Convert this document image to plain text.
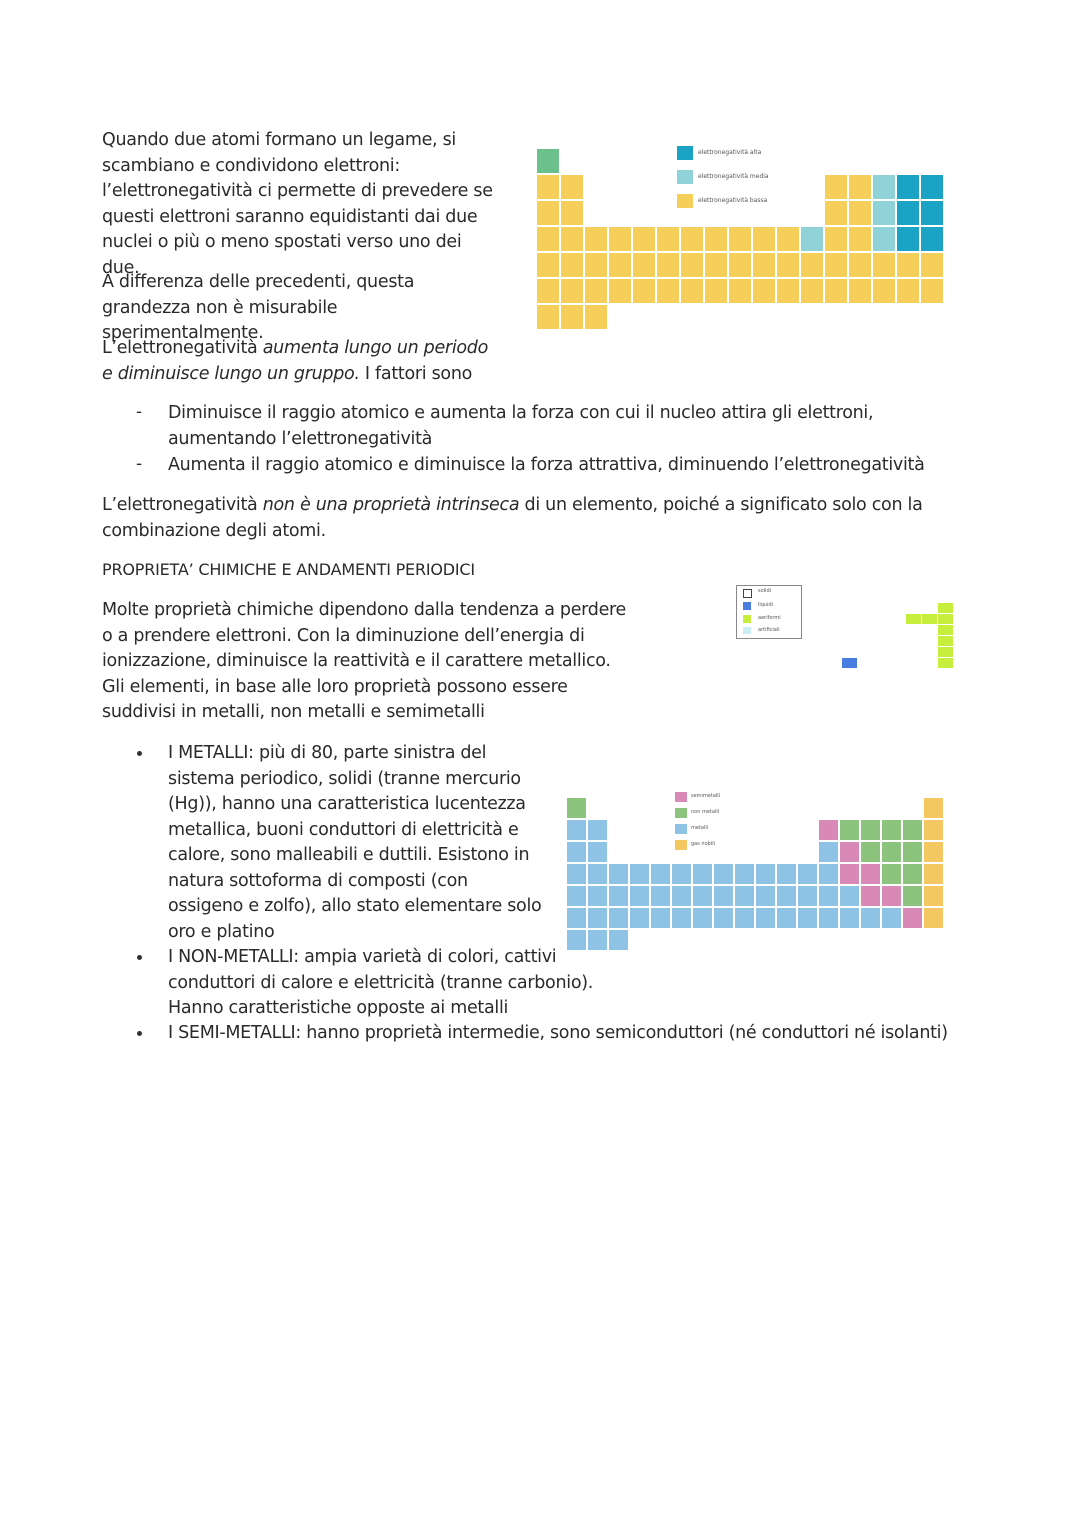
Quando due atomi formano un legame, si scambiano e condividono elettroni: l’elettronegatività ci permette di prevedere se questi elettroni saranno equidistanti dai due nuclei o più o meno spostati verso uno dei due.
A differenza delle precedenti, questa grandezza non è misurabile sperimentalmente.
L’elettronegatività aumenta lungo un periodo e diminuisce lungo un gruppo. I fattori sono
- Diminuisce il raggio atomico e aumenta la forza con cui il nucleo attira gli elettroni, aumentando l’elettronegatività
- Aumenta il raggio atomico e diminuisce la forza attrattiva, diminuendo l’elettronegatività
L’elettronegatività non è una proprietà intrinseca di un elemento, poiché a significato solo con la combinazione degli atomi.
PROPRIETA’ CHIMICHE E ANDAMENTI PERIODICI
Molte proprietà chimiche dipendono dalla tendenza a perdere o a prendere elettroni. Con la diminuzione dell’energia di ionizzazione, diminuisce la reattività e il carattere metallico. Gli elementi, in base alle loro proprietà possono essere suddivisi in metalli, non metalli e semimetalli
I METALLI: più di 80, parte sinistra del sistema periodico, solidi (tranne mercurio (Hg)), hanno una caratteristica lucentezza metallica, buoni conduttori di elettricità e calore, sono malleabili e duttili. Esistono in natura sottoforma di composti (con ossigeno e zolfo), allo stato elementare solo oro e platino
I NON-METALLI: ampia varietà di colori, cattivi conduttori di calore e elettricità (tranne carbonio). Hanno caratteristiche opposte ai metalli
I SEMI-METALLI: hanno proprietà intermedie, sono semiconduttori (né conduttori né isolanti)
elettronegatività alta
elettronegatività media
elettronegatività bassa
solidi
liquidi
aeriformi
artificiali
semimetalli
non metalli
metalli
gas nobili
